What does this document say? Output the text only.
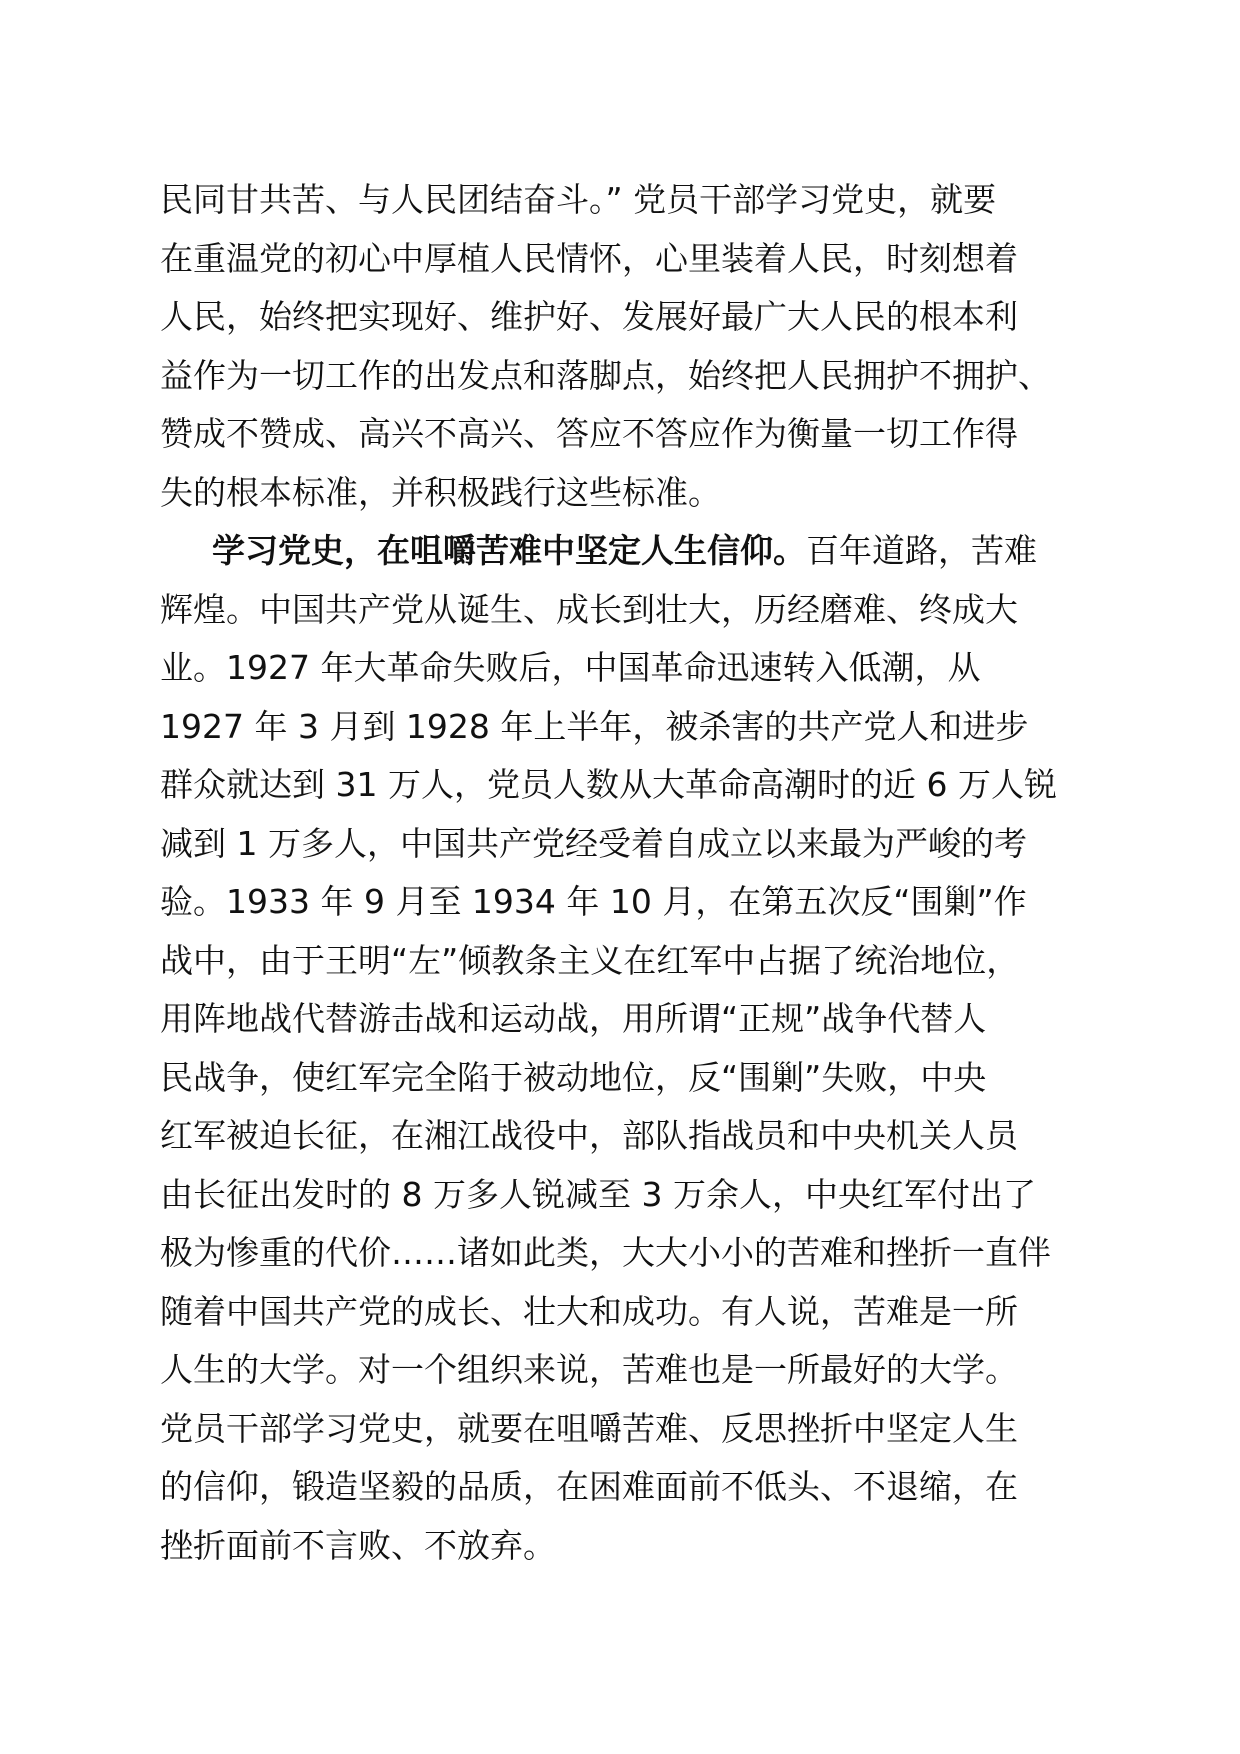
民同甘共苦、与人民团结奋斗。” 党员干部学习党史，就要
在重温党的初心中厚植人民情怀，心里装着人民，时刻想着
人民，始终把实现好、维护好、发展好最广大人民的根本利
益作为一切工作的出发点和落脚点，始终把人民拥护不拥护、
赞成不赞成、高兴不高兴、答应不答应作为衡量一切工作得
失的根本标准，并积极践行这些标准。
学习党史，在咀嚼苦难中坚定人生信仰。百年道路，苦难
辉煌。中国共产党从诞生、成长到壮大，历经磨难、终成大
业。1927 年大革命失败后，中国革命迅速转入低潮，从
1927 年 3 月到 1928 年上半年，被杀害的共产党人和进步
群众就达到 31 万人，党员人数从大革命高潮时的近 6 万人锐
减到 1 万多人，中国共产党经受着自成立以来最为严峻的考
验。1933 年 9 月至 1934 年 10 月，在第五次反“围剿”作
战中，由于王明“左”倾教条主义在红军中占据了统治地位，
用阵地战代替游击战和运动战，用所谓“正规”战争代替人
民战争，使红军完全陷于被动地位，反“围剿”失败，中央
红军被迫长征，在湘江战役中，部队指战员和中央机关人员
由长征出发时的 8 万多人锐减至 3 万余人，中央红军付出了
极为惨重的代价……诸如此类，大大小小的苦难和挫折一直伴
随着中国共产党的成长、壮大和成功。有人说，苦难是一所
人生的大学。对一个组织来说，苦难也是一所最好的大学。
党员干部学习党史，就要在咀嚼苦难、反思挫折中坚定人生
的信仰，锻造坚毅的品质，在困难面前不低头、不退缩，在
挫折面前不言败、不放弃。
